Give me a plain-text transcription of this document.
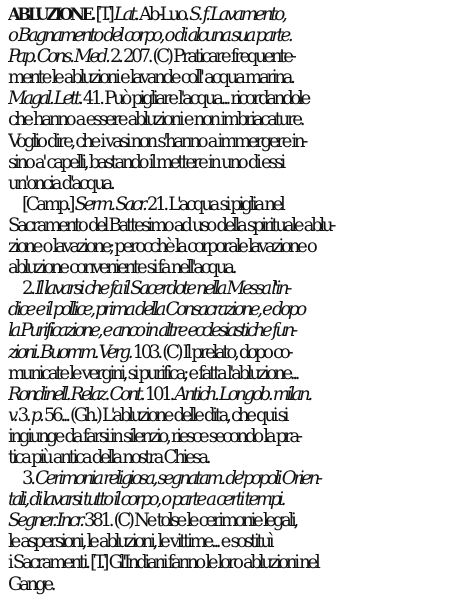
ABLUZIONE. [T.] Lat. Ab-Luo. S. f. Lavamento,
o Bagnamento del corpo, o di alcuna sua parte.
Pap. Cons. Med. 2. 207. (C) Praticare frequente-
mente le abluzioni e lavande coll' acqua marina.
Magal. Lett. 41. Può pigliare l'acqua... ricordandole
che hanno a essere abluzioni e non imbriacature.
Voglio dire, che i vasi non s'hanno a immergere in-
sino a' capelli, bastando il mettere in uno di essi
un'oncia d'acqua.
[Camp.] Serm. Sacr. 21. L'acqua si piglia nel
Sacramento del Battesimo ad uso della spirituale ablu-
zione o lavazione; perocchè la corporale lavazione o
abluzione conveniente si fa nell'acqua.
2. Il lavarsi che fa il Sacerdote nella Messa l'in-
dice e il pollice, prima della Consacrazione, e dopo
la Purificazione, e anco in altre ecclesiastiche fun-
zioni. Buomm. Verg. 103. (C) Il prelato, dopo co-
municate le vergini, si purifica; e fatta l'abluzione...
Rondinell. Relaz. Cont. 101. Antich. Longob. milan.
v. 3. p. 56... (Gh.) L'abluzione delle dita, che qui si
ingiunge da farsi in silenzio, riesce secondo la pra-
tica più antica della nostra Chiesa.
3. Cerimonia religiosa, segnatam. de'popoli Orien-
tali, di lavarsi tutto il corpo, o parte a certi tempi.
Segner. Incr. 381. (C) Ne tolse le cerimonie legali,
le aspersioni, le abluzioni, le vittime... e sostituì
i Sacramenti. [T.] Gl'Indiani fanno le loro abluzioni nel
Gange.
